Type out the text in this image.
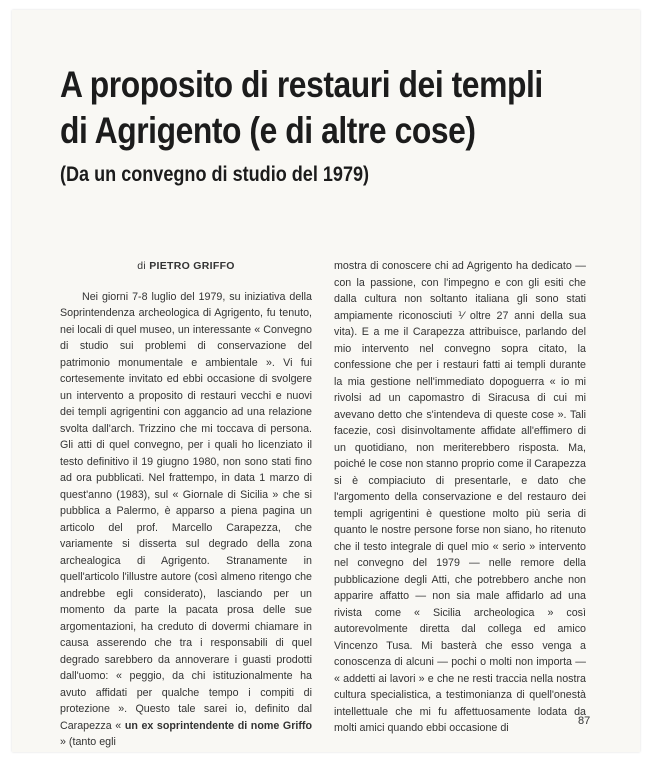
A proposito di restauri dei templi
di Agrigento (e di altre cose)
(Da un convegno di studio del 1979)
di PIETRO GRIFFO

Nei giorni 7-8 luglio del 1979, su iniziativa della Soprintendenza archeologica di Agrigento, fu tenuto, nei locali di quel museo, un interessante « Convegno di studio sui problemi di conservazione del patrimonio monumentale e ambientale ». Vi fui cortesemente invitato ed ebbi occasione di svolgere un intervento a proposito di restauri vecchi e nuovi dei templi agrigentini con aggancio ad una relazione svolta dall'arch. Trizzino che mi toccava di persona. Gli atti di quel convegno, per i quali ho licenziato il testo definitivo il 19 giugno 1980, non sono stati fino ad ora pubblicati. Nel frattempo, in data 1 marzo di quest'anno (1983), sul « Giornale di Sicilia » che si pubblica a Palermo, è apparso a piena pagina un articolo del prof. Marcello Carapezza, che variamente si disserta sul degrado della zona archealogica di Agrigento. Stranamente in quell'articolo l'illustre autore (così almeno ritengo che andrebbe egli considerato), lasciando per un momento da parte la pacata prosa delle sue argomentazioni, ha creduto di dovermi chiamare in causa asserendo che tra i responsabili di quel degrado sarebbero da annoverare i guasti prodotti dall'uomo: « peggio, da chi istituzionalmente ha avuto affidati per qualche tempo i compiti di protezione ». Questo tale sarei io, definito dal Carapezza « un ex soprintendente di nome Griffo » (tanto egli

mostra di conoscere chi ad Agrigento ha dedicato — con la passione, con l'impegno e con gli esiti che dalla cultura non soltanto italiana gli sono stati ampiamente riconosciuti ⅟ oltre 27 anni della sua vita). E a me il Carapezza attribuisce, parlando del mio intervento nel convegno sopra citato, la confessione che per i restauri fatti ai templi durante la mia gestione nell'immediato dopoguerra « io mi rivolsi ad un capomastro di Siracusa di cui mi avevano detto che s'intendeva di queste cose ». Tali facezie, così disinvoltamente affidate all'effimero di un quotidiano, non meriterebbero risposta. Ma, poiché le cose non stanno proprio come il Carapezza si è compiaciuto di presentarle, e dato che l'argomento della conservazione e del restauro dei templi agrigentini è questione molto più seria di quanto le nostre persone forse non siano, ho ritenuto che il testo integrale di quel mio « serio » intervento nel convegno del 1979 — nelle remore della pubblicazione degli Atti, che potrebbero anche non apparire affatto — non sia male affidarlo ad una rivista come « Sicilia archeologica » così autorevolmente diretta dal collega ed amico Vincenzo Tusa. Mi basterà che esso venga a conoscenza di alcuni — pochi o molti non importa — « addetti ai lavori » e che ne resti traccia nella nostra cultura specialistica, a testimonianza di quell'onestà intellettuale che mi fu affettuosamente lodata da molti amici quando ebbi occasione di

87
